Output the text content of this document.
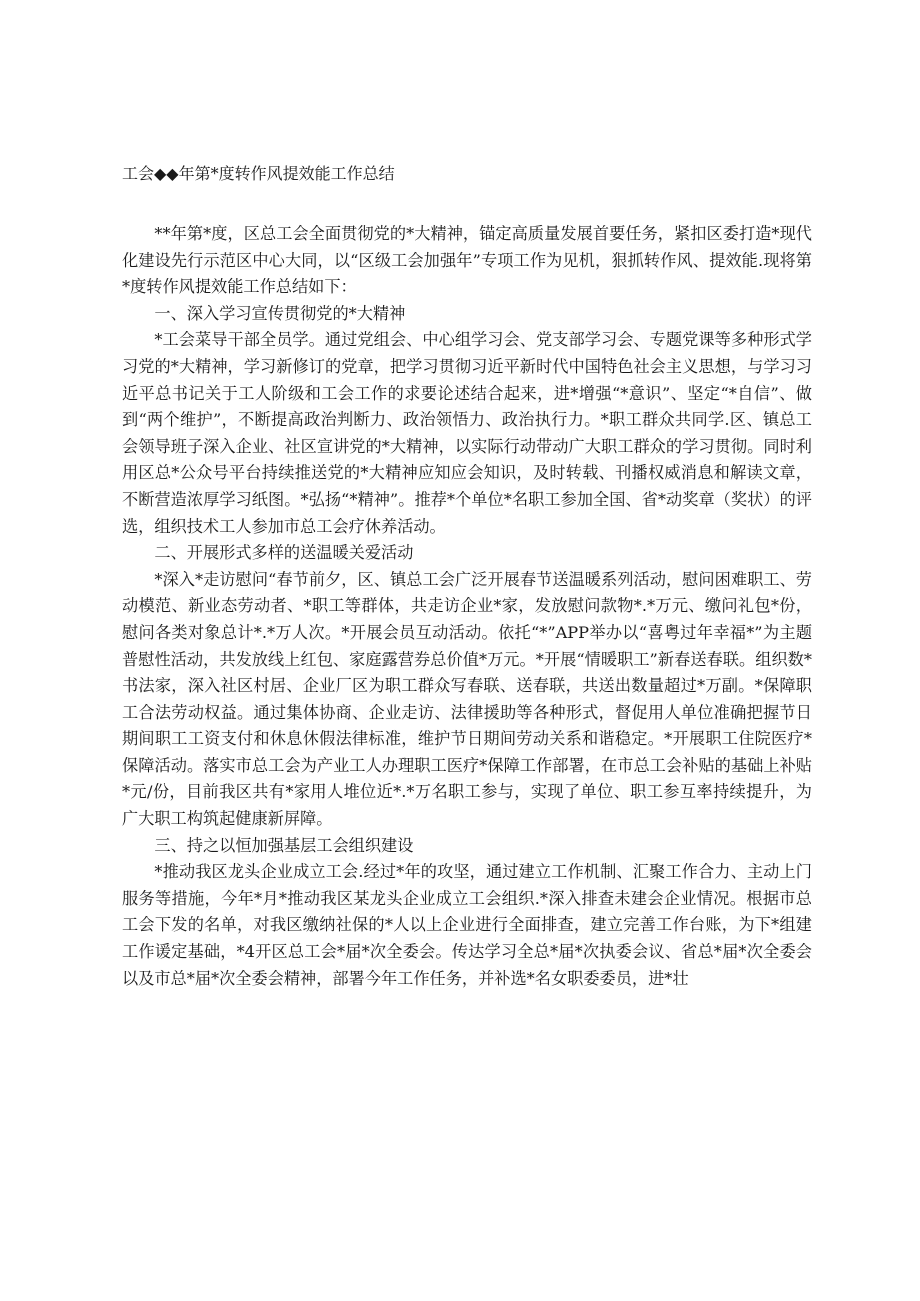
工会◆◆年第*度转作风提效能工作总结

**年第*度，区总工会全面贯彻党的*大精神，锚定高质量发展首要任务，紧扣区委打造*现代化建设先行示范区中心大同，以“区级工会加强年”专项工作为见机，狠抓转作风、提效能.现将第*度转作风提效能工作总结如下：

一、深入学习宣传贯彻党的*大精神

*工会菜导干部全员学。通过党组会、中心组学习会、党支部学习会、专题党课等多种形式学习党的*大精神，学习新修订的党章，把学习贯彻习近平新时代中国特色社会主义思想，与学习习近平总书记关于工人阶级和工会工作的求要论述结合起来，进*增强“*意识”、坚定“*自信”、做到“两个维护”，不断提高政治判断力、政治领悟力、政治执行力。*职工群众共同学.区、镇总工会领导班子深入企业、社区宣讲党的*大精神，以实际行动带动广大职工群众的学习贯彻。同时利用区总*公众号平台持续推送党的*大精神应知应会知识，及时转载、刊播权威消息和解读文章，不断营造浓厚学习纸图。*弘扬“*精神”。推荐*个单位*名职工参加全国、省*动奖章（奖状）的评选，组织技术工人参加市总工会疗休养活动。

二、开展形式多样的送温暖关爱活动

*深入*走访慰问“春节前夕，区、镇总工会广泛开展春节送温暖系列活动，慰问困难职工、劳动模范、新业态劳动者、*职工等群体，共走访企业*家，发放慰问款物*.*万元、缴问礼包*份，慰问各类对象总计*.*万人次。*开展会员互动活动。依托“*”APP举办以“喜粤过年幸福*”为主题普慰性活动，共发放线上红包、家庭露营券总价值*万元。*开展“情暖职工”新春送春联。组织数*书法家，深入社区村居、企业厂区为职工群众写春联、送春联，共送出数量超过*万副。*保障职工合法劳动权益。通过集体协商、企业走访、法律援助等各种形式，督促用人单位准确把握节日期间职工工资支付和休息休假法律标准，维护节日期间劳动关系和谐稳定。*开展职工住院医疗*保障活动。落实市总工会为产业工人办理职工医疗*保障工作部署，在市总工会补贴的基础上补贴*元/份，目前我区共有*家用人堆位近*.*万名职工参与，实现了单位、职工参互率持续提升，为广大职工构筑起健康新屏障。

三、持之以恒加强基层工会组织建设

*推动我区龙头企业成立工会.经过*年的攻坚，通过建立工作机制、汇聚工作合力、主动上门服务等措施，今年*月*推动我区某龙头企业成立工会组织.*深入排查未建会企业情况。根据市总工会下发的名单，对我区缴纳社保的*人以上企业进行全面排查，建立完善工作台账，为下*组建工作谖定基础，*4开区总工会*届*次全委会。传达学习全总*届*次执委会议、省总*届*次全委会以及市总*届*次全委会精神，部署今年工作任务，并补选*名女职委委员，进*壮
